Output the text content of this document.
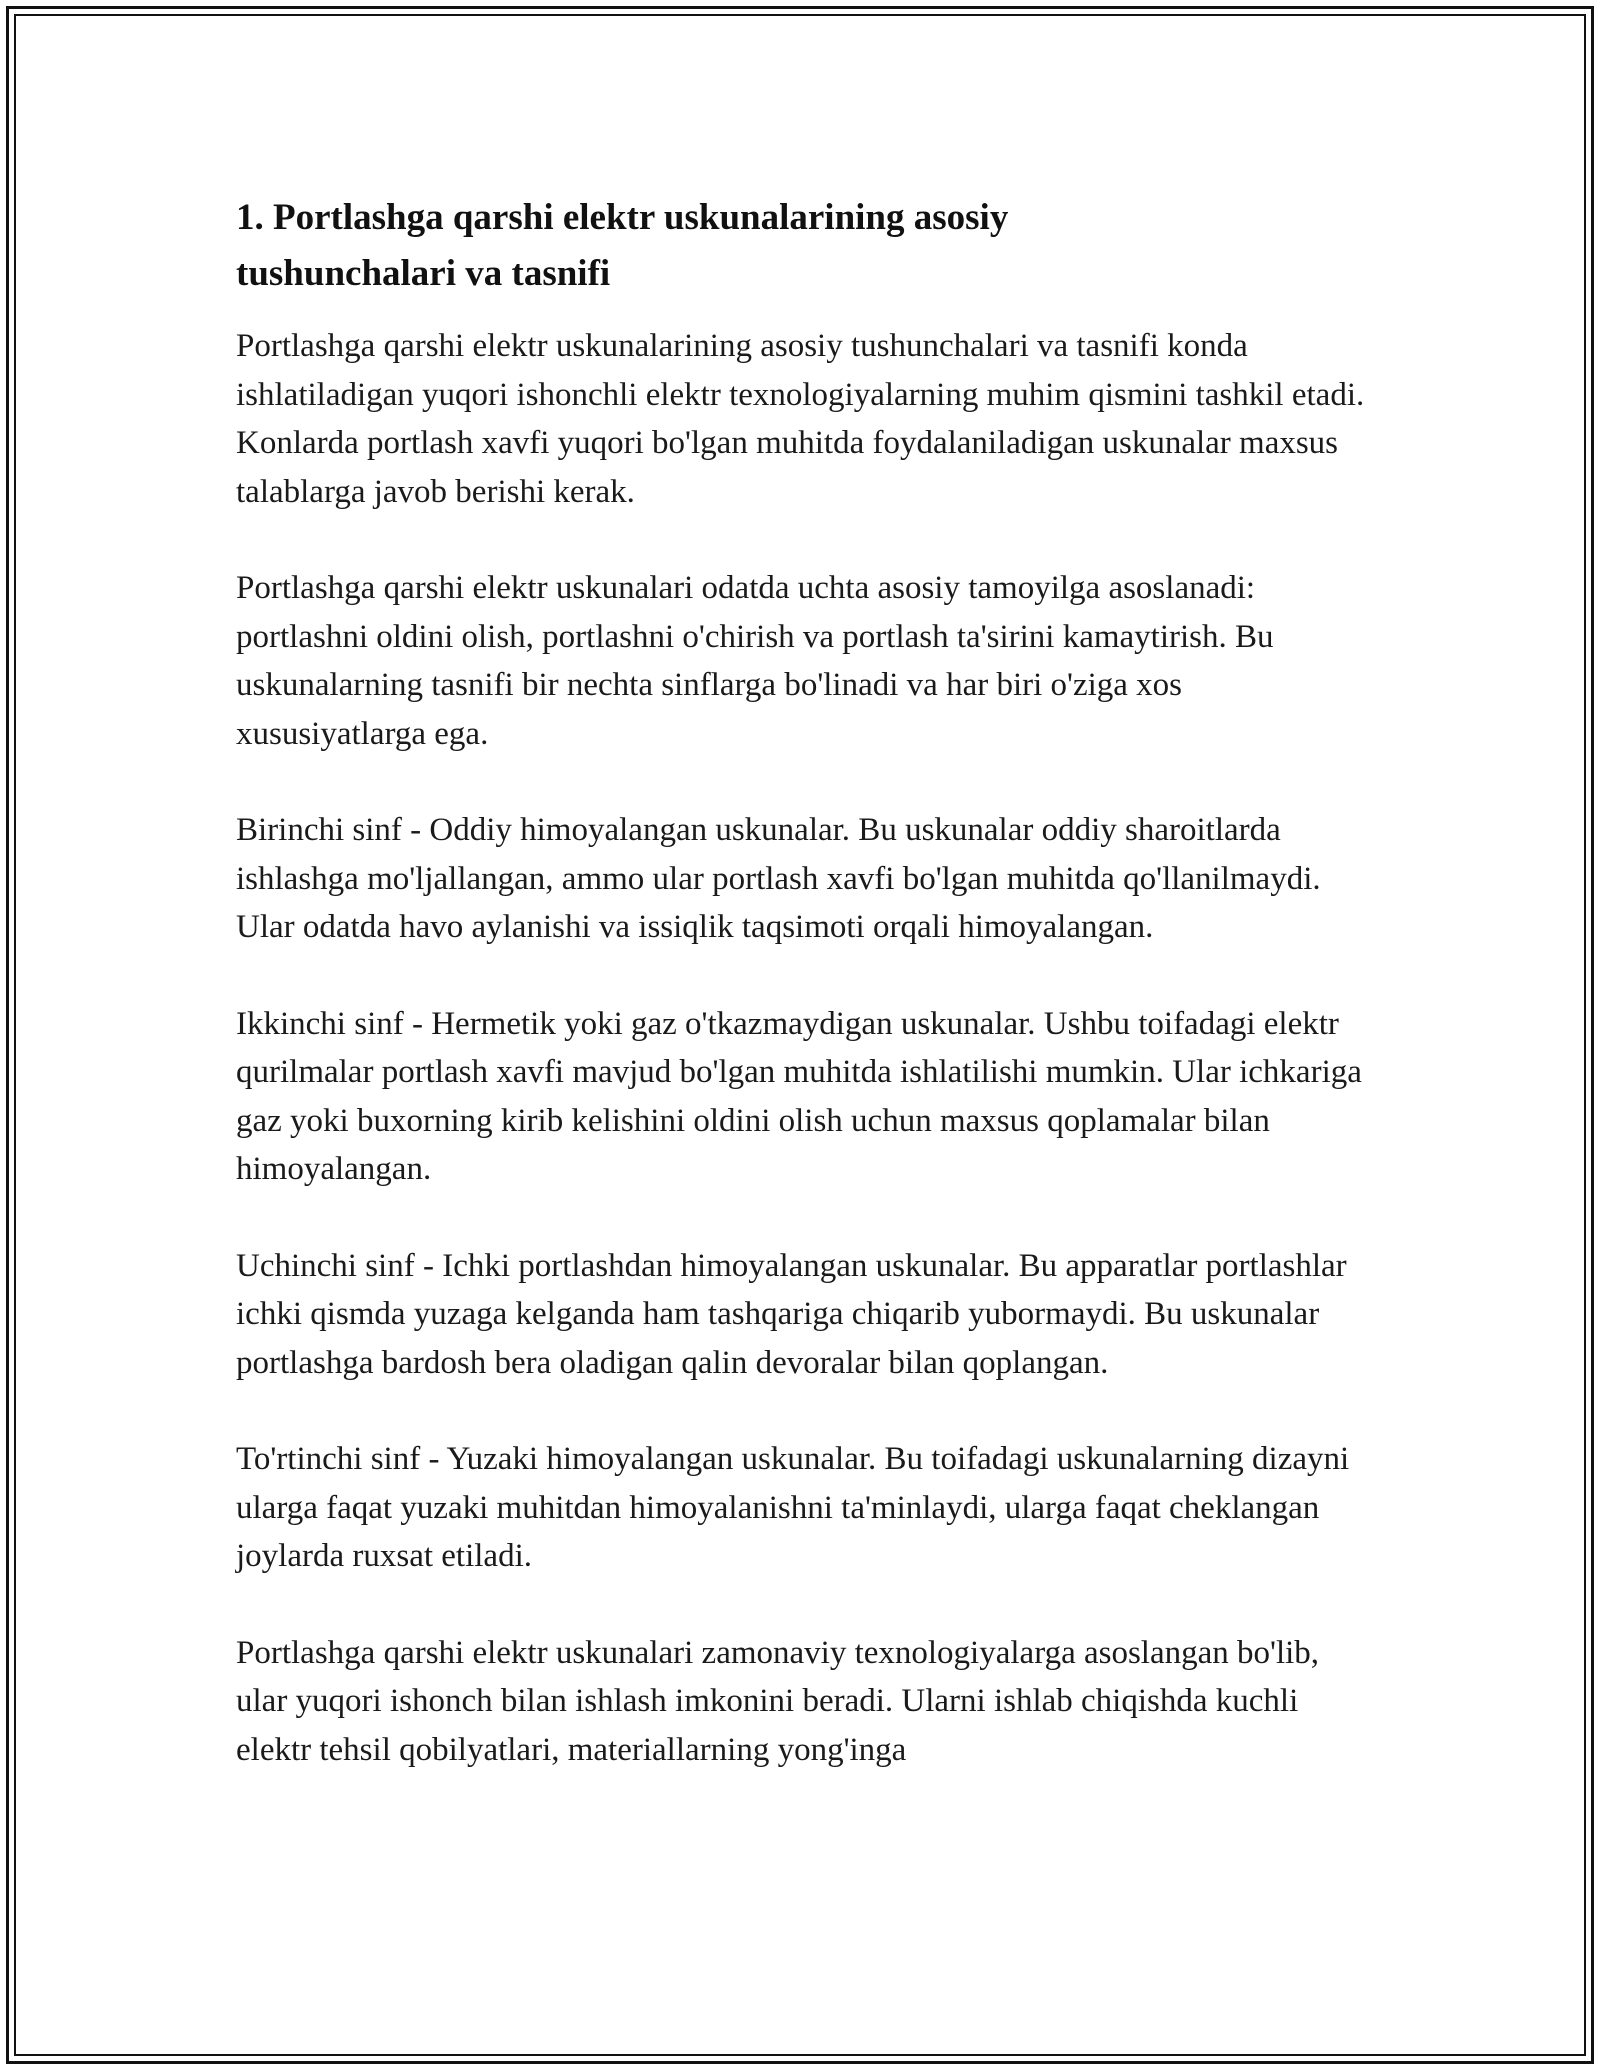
1. Portlashga qarshi elektr uskunalarining asosiy
tushunchalari va tasnifi

Portlashga qarshi elektr uskunalarining asosiy tushunchalari va tasnifi konda ishlatiladigan yuqori ishonchli elektr texnologiyalarning muhim qismini tashkil etadi. Konlarda portlash xavfi yuqori bo'lgan muhitda foydalaniladigan uskunalar maxsus talablarga javob berishi kerak.

Portlashga qarshi elektr uskunalari odatda uchta asosiy tamoyilga asoslanadi: portlashni oldini olish, portlashni o'chirish va portlash ta'sirini kamaytirish. Bu uskunalarning tasnifi bir nechta sinflarga bo'linadi va har biri o'ziga xos xususiyatlarga ega.

Birinchi sinf - Oddiy himoyalangan uskunalar. Bu uskunalar oddiy sharoitlarda ishlashga mo'ljallangan, ammo ular portlash xavfi bo'lgan muhitda qo'llanilmaydi. Ular odatda havo aylanishi va issiqlik taqsimoti orqali himoyalangan.

Ikkinchi sinf - Hermetik yoki gaz o'tkazmaydigan uskunalar. Ushbu toifadagi elektr qurilmalar portlash xavfi mavjud bo'lgan muhitda ishlatilishi mumkin. Ular ichkariga gaz yoki buxorning kirib kelishini oldini olish uchun maxsus qoplamalar bilan himoyalangan.

Uchinchi sinf - Ichki portlashdan himoyalangan uskunalar. Bu apparatlar portlashlar ichki qismda yuzaga kelganda ham tashqariga chiqarib yubormaydi. Bu uskunalar portlashga bardosh bera oladigan qalin devoralar bilan qoplangan.

To'rtinchi sinf - Yuzaki himoyalangan uskunalar. Bu toifadagi uskunalarning dizayni ularga faqat yuzaki muhitdan himoyalanishni ta'minlaydi, ularga faqat cheklangan joylarda ruxsat etiladi.

Portlashga qarshi elektr uskunalari zamonaviy texnologiyalarga asoslangan bo'lib, ular yuqori ishonch bilan ishlash imkonini beradi. Ularni ishlab chiqishda kuchli elektr tehsil qobilyatlari, materiallarning yong'inga
